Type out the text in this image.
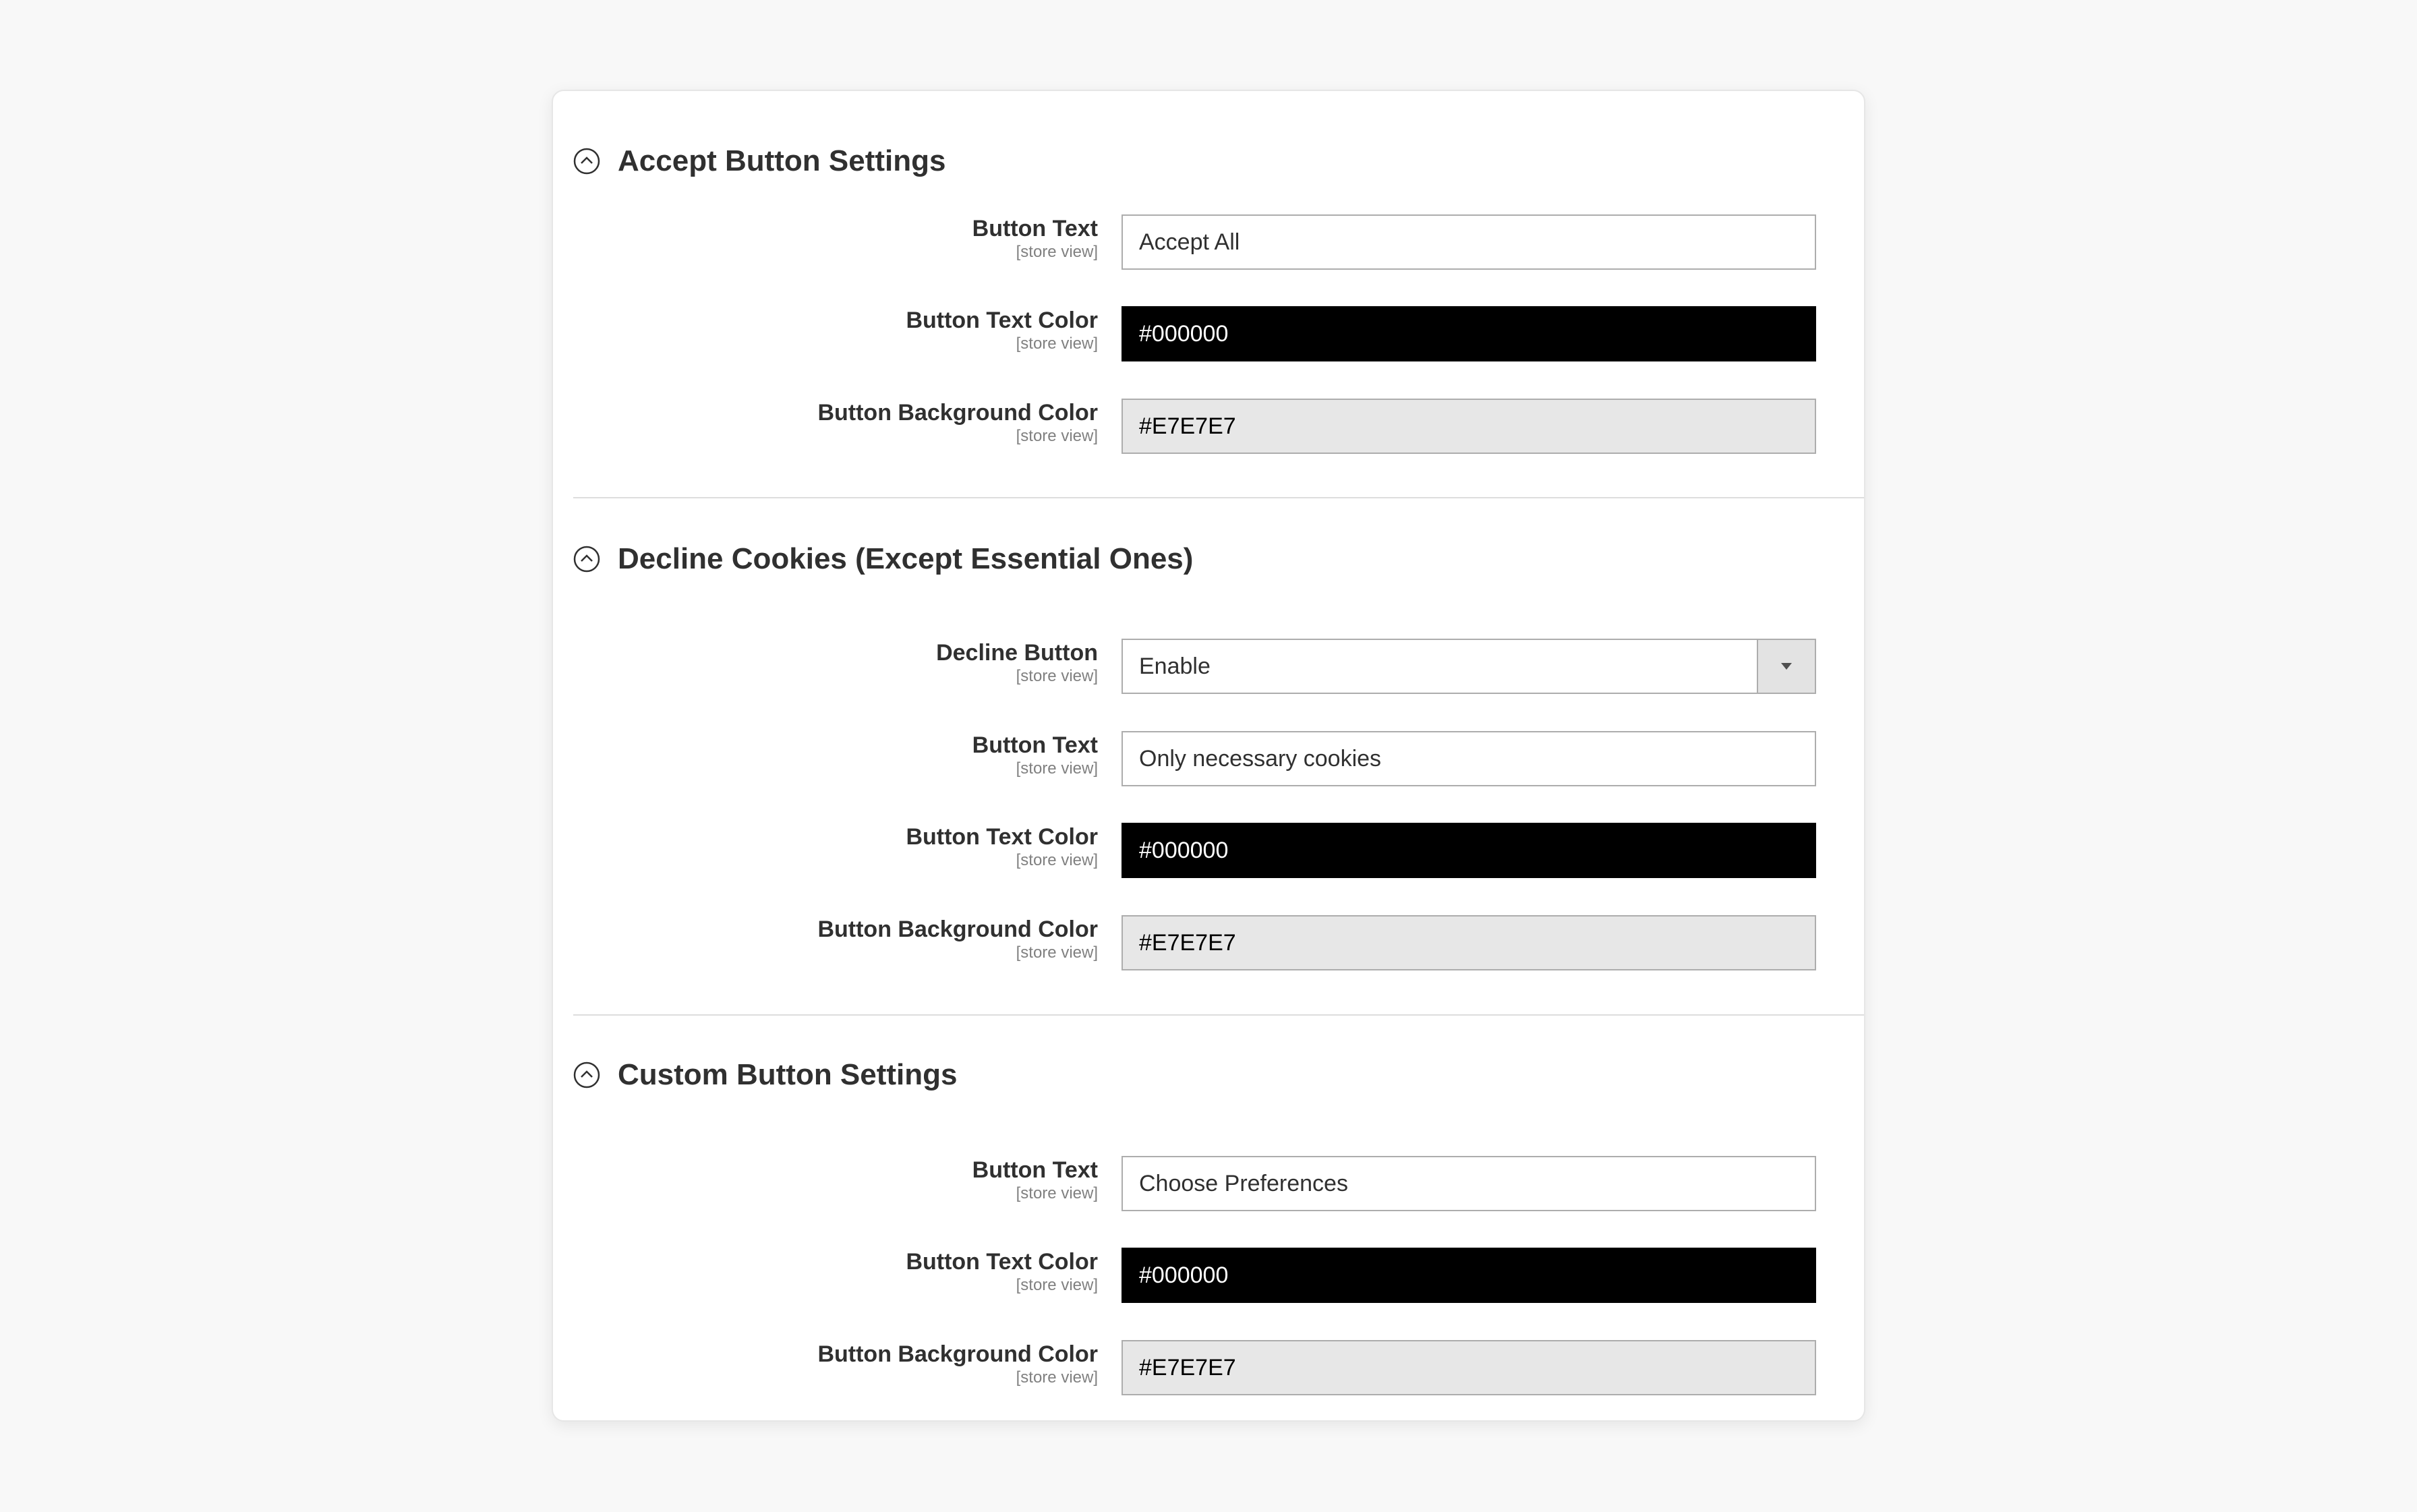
Accept Button Settings
Button Text
[store view]	Accept All
Button Text Color
[store view]	#000000
Button Background Color
[store view]	#E7E7E7
Decline Cookies (Except Essential Ones)
Decline Button
[store view] Enable
Button Text
[store view]	Only necessary cookies
Button Text Color
[store view]	#000000
Button Background Color
[store view]	#E7E7E7
Custom Button Settings
Button Text
[store view]	Choose Preferences
Button Text Color
[store view]	#000000
Button Background Color
[store view]	#E7E7E7
